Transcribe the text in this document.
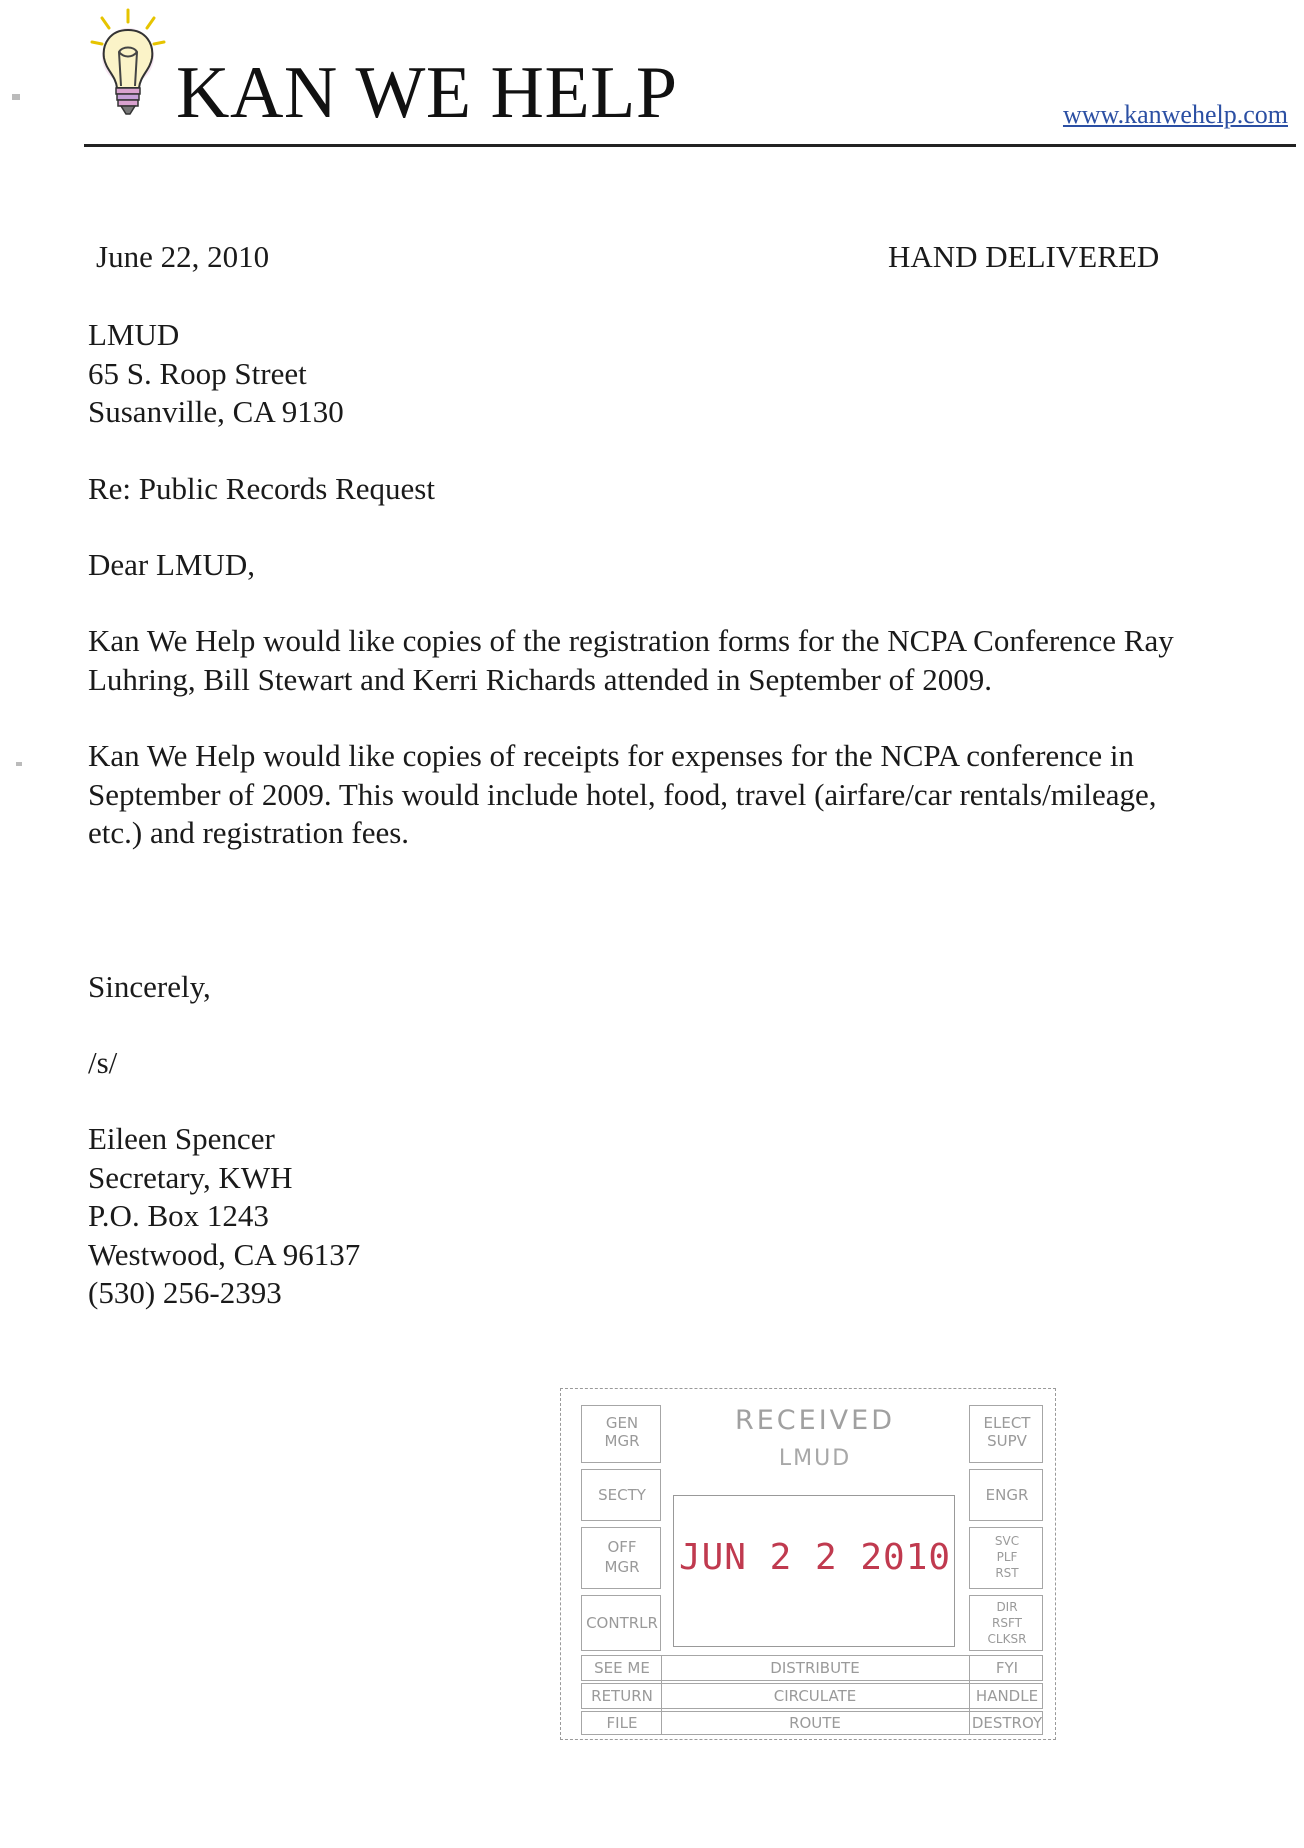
KAN WE HELP	www.kanwehelp.com
June 22, 2010	HAND DELIVERED
LMUD
65 S. Roop Street
Susanville, CA 9130
Re: Public Records Request
Dear LMUD,
Kan We Help would like copies of the registration forms for the NCPA Conference Ray
Luhring, Bill Stewart and Kerri Richards attended in September of 2009.
Kan We Help would like copies of receipts for expenses for the NCPA conference in
September of 2009. This would include hotel, food, travel (airfare/car rentals/mileage,
etc.) and registration fees.
Sincerely,
/s/
Eileen Spencer
Secretary, KWH
P.O. Box 1243
Westwood, CA 96137
(530) 256-2393
GEN
MGR
SECTY
OFF
MGR
CONTRLR
ELECT
SUPV
ENGR
SVC
PLF
RST
DIR
RSFT
CLKSR
RECEIVED
LMUD
JUN 2 2 2010
SEE ME	DISTRIBUTE	FYI
RETURN	CIRCULATE	HANDLE
FILE	ROUTE	DESTROY
